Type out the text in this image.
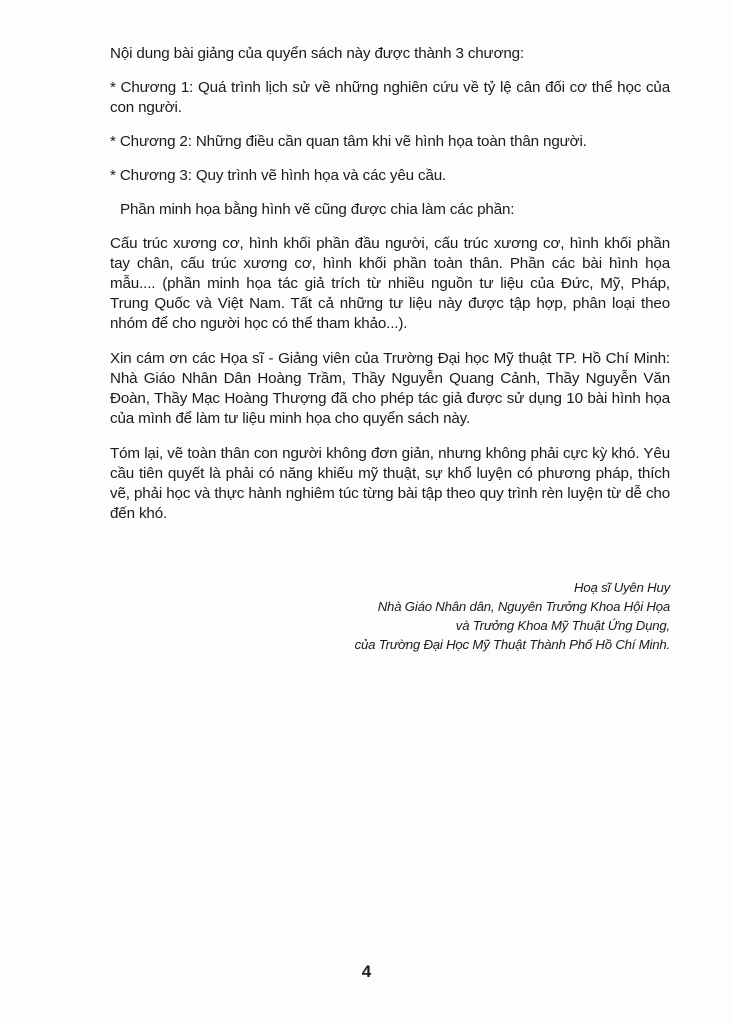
Nội dung bài giảng của quyển sách này được thành 3 chương:

* Chương 1: Quá trình lịch sử về những nghiên cứu về tỷ lệ cân đối cơ thể học của con người.

* Chương 2: Những điều cần quan tâm khi vẽ hình họa toàn thân người.

* Chương 3: Quy trình vẽ hình họa và các yêu cầu.

Phần minh họa bằng hình vẽ cũng được chia làm các phần:

Cấu trúc xương cơ, hình khối phần đầu người, cấu trúc xương cơ, hình khối phần tay chân, cấu trúc xương cơ, hình khối phần toàn thân. Phần các bài hình họa mẫu.... (phần minh họa tác giả trích từ nhiều nguồn tư liệu của Đức, Mỹ, Pháp, Trung Quốc và Việt Nam. Tất cả những tư liệu này được tập hợp, phân loại theo nhóm để cho người học có thể tham khảo...).

Xin cám ơn các Họa sĩ - Giảng viên của Trường Đại học Mỹ thuật TP. Hồ Chí Minh: Nhà Giáo Nhân Dân Hoàng Trầm, Thầy Nguyễn Quang Cảnh, Thầy Nguyễn Văn Đoàn, Thầy Mạc Hoàng Thượng đã cho phép tác giả được sử dụng 10 bài hình họa của mình để làm tư liệu minh họa cho quyển sách này.

Tóm lại, vẽ toàn thân con người không đơn giản, nhưng không phải cực kỳ khó. Yêu cầu tiên quyết là phải có năng khiếu mỹ thuật, sự khổ luyện có phương pháp, thích vẽ, phải học và thực hành nghiêm túc từng bài tập theo quy trình rèn luyện từ dễ cho đến khó.

Hoạ sĩ Uyên Huy
Nhà Giáo Nhân dân, Nguyên Trưởng Khoa Hội Họa
và Trưởng Khoa Mỹ Thuật Ứng Dụng,
của Trường Đại Học Mỹ Thuật Thành Phố Hồ Chí Minh.
4
